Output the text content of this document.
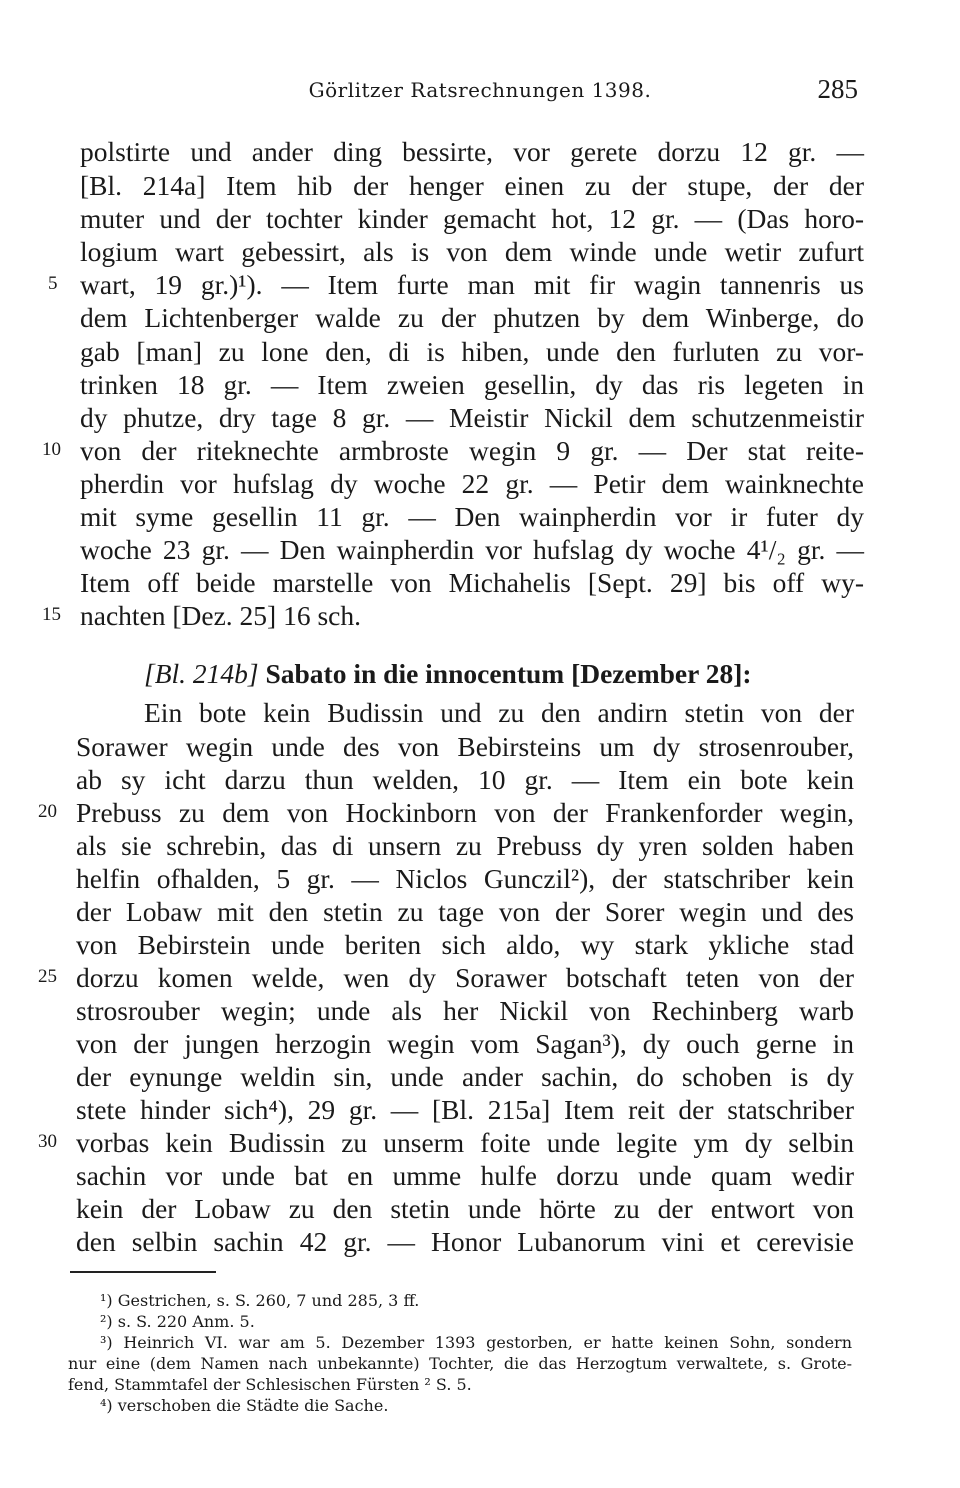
Görlitzer Ratsrechnungen 1398.	285
polstirte und ander ding bessirte, vor gerete dorzu 12 gr. —
[Bl. 214a] Item hib der henger einen zu der stupe, der der
muter und der tochter kinder gemacht hot, 12 gr. — (Das horo-
logium wart gebessirt, als is von dem winde unde wetir zufurt
wart, 19 gr.)¹). — Item furte man mit fir wagin tannenris us
dem Lichtenberger walde zu der phutzen by dem Winberge, do
gab [man] zu lone den, di is hiben, unde den furluten zu vor-
trinken 18 gr. — Item zweien gesellin, dy das ris legeten in
dy phutze, dry tage 8 gr. — Meistir Nickil dem schutzenmeistir
von der riteknechte armbroste wegin 9 gr. — Der stat reite-
pherdin vor hufslag dy woche 22 gr. — Petir dem wainknechte
mit syme gesellin 11 gr. — Den wainpherdin vor ir futer dy
woche 23 gr. — Den wainpherdin vor hufslag dy woche 4¹/₂ gr. —
Item off beide marstelle von Michahelis [Sept. 29] bis off wy-
nachten [Dez. 25] 16 sch.
[Bl. 214b] Sabato in die innocentum [Dezember 28]:
Ein bote kein Budissin und zu den andirn stetin von der
Sorawer wegin unde des von Bebirsteins um dy strosenrouber,
ab sy icht darzu thun welden, 10 gr. — Item ein bote kein
Prebuss zu dem von Hockinborn von der Frankenforder wegin,
als sie schrebin, das di unsern zu Prebuss dy yren solden haben
helfin ofhalden, 5 gr. — Niclos Gunczil²), der statschriber kein
der Lobaw mit den stetin zu tage von der Sorer wegin und des
von Bebirstein unde beriten sich aldo, wy stark ykliche stad
dorzu komen welde, wen dy Sorawer botschaft teten von der
strosrouber wegin; unde als her Nickil von Rechinberg warb
von der jungen herzogin wegin vom Sagan³), dy ouch gerne in
der eynunge weldin sin, unde ander sachin, do schoben is dy
stete hinder sich⁴), 29 gr. — [Bl. 215a] Item reit der statschriber
vorbas kein Budissin zu unserm foite unde legite ym dy selbin
sachin vor unde bat en umme hulfe dorzu unde quam wedir
kein der Lobaw zu den stetin unde hörte zu der entwort von
den selbin sachin 42 gr. — Honor Lubanorum vini et cerevisie
5
10
15
20
25
30
¹) Gestrichen, s. S. 260, 7 und 285, 3 ff.
²) s. S. 220 Anm. 5.
³) Heinrich VI. war am 5. Dezember 1393 gestorben, er hatte keinen Sohn, sondern
nur eine (dem Namen nach unbekannte) Tochter, die das Herzogtum verwaltete, s. Grote-
fend, Stammtafel der Schlesischen Fürsten ² S. 5.
⁴) verschoben die Städte die Sache.
